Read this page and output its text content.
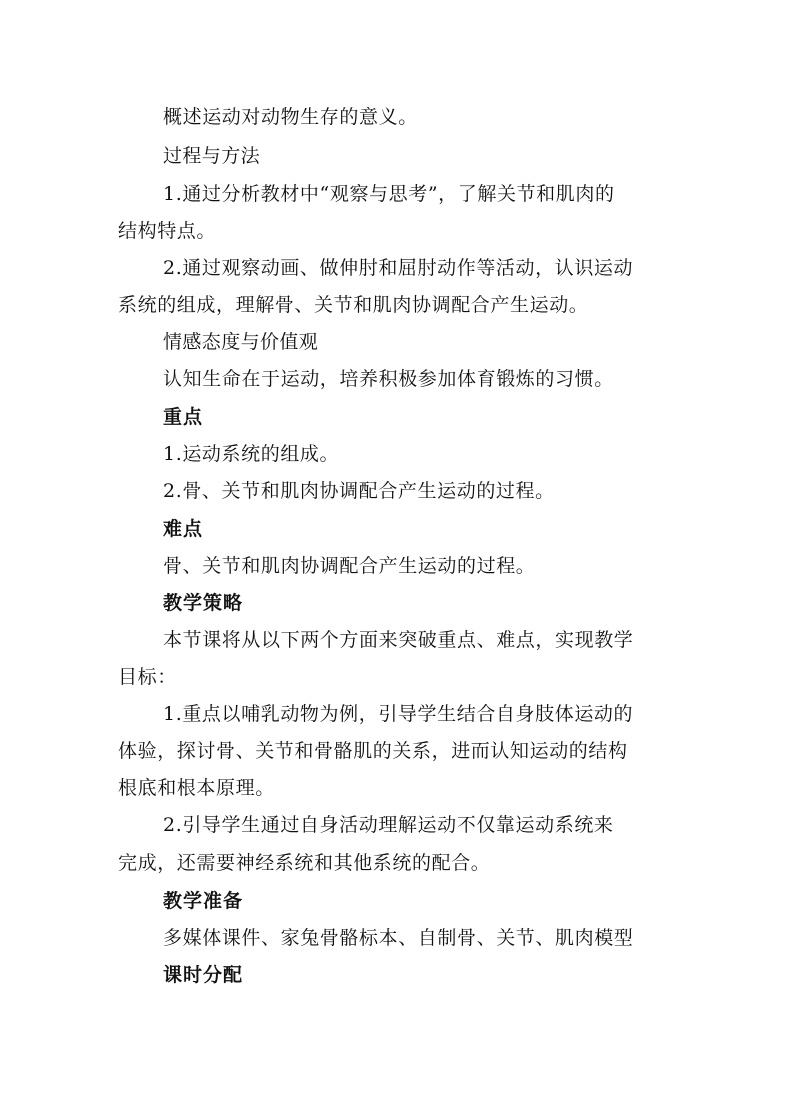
概述运动对动物生存的意义。
过程与方法
1.通过分析教材中“观察与思考”，了解关节和肌肉的
结构特点。
2.通过观察动画、做伸肘和屈肘动作等活动，认识运动
系统的组成，理解骨、关节和肌肉协调配合产生运动。
情感态度与价值观
认知生命在于运动，培养积极参加体育锻炼的习惯。
重点
1.运动系统的组成。
2.骨、关节和肌肉协调配合产生运动的过程。
难点
骨、关节和肌肉协调配合产生运动的过程。
教学策略
本节课将从以下两个方面来突破重点、难点，实现教学
目标：
1.重点以哺乳动物为例，引导学生结合自身肢体运动的
体验，探讨骨、关节和骨骼肌的关系，进而认知运动的结构
根底和根本原理。
2.引导学生通过自身活动理解运动不仅靠运动系统来
完成，还需要神经系统和其他系统的配合。
教学准备
多媒体课件、家兔骨骼标本、自制骨、关节、肌肉模型
课时分配
